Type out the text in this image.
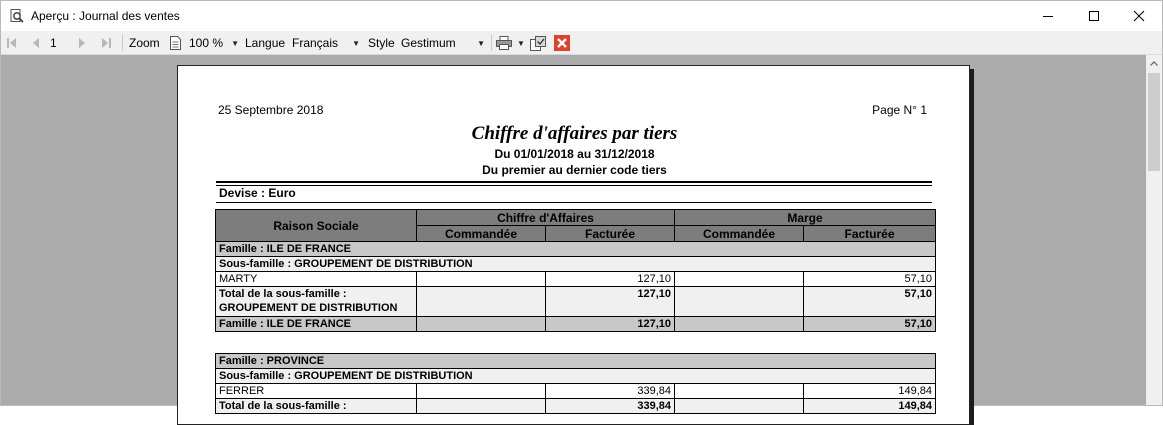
Aperçu : Journal des ventes
1	Zoom 100 % ▼ Langue Français ▼ Style Gestimum	▼	▼
25 Septembre 2018	Page N° 1
Chiffre d'affaires par tiers
Du 01/01/2018 au 31/12/2018
Du premier au dernier code tiers
Devise : Euro
Raison Sociale	Chiffre d'Affaires		Marge	
	Commandée	Facturée	Commandée	Facturée
Famille : ILE DE FRANCE				
Sous-famille : GROUPEMENT DE DISTRIBUTION				
MARTY		127,10		57,10

Total de la sous-famille :
GROUPEMENT DE DISTRIBUTION		127,10		57,10
Famille : ILE DE FRANCE		127,10		57,10
Famille : PROVINCE				
Sous-famille : GROUPEMENT DE DISTRIBUTION				
FERRER		339,84		149,84
Total de la sous-famille :		339,84		149,84
